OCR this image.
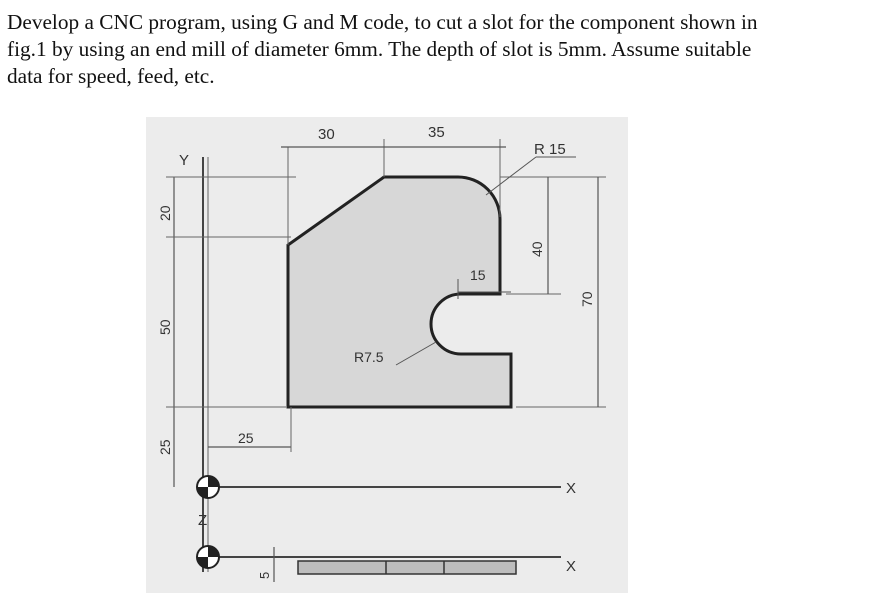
Develop a CNC program, using G and M code, to cut a slot for the component shown in
fig.1 by using an end mill of diameter 6mm. The depth of slot is 5mm. Assume suitable
data for speed, feed, etc.
30	35
R 15
40
70
15
R7.5
20
50
25
25
5
Y
Z
X
X
